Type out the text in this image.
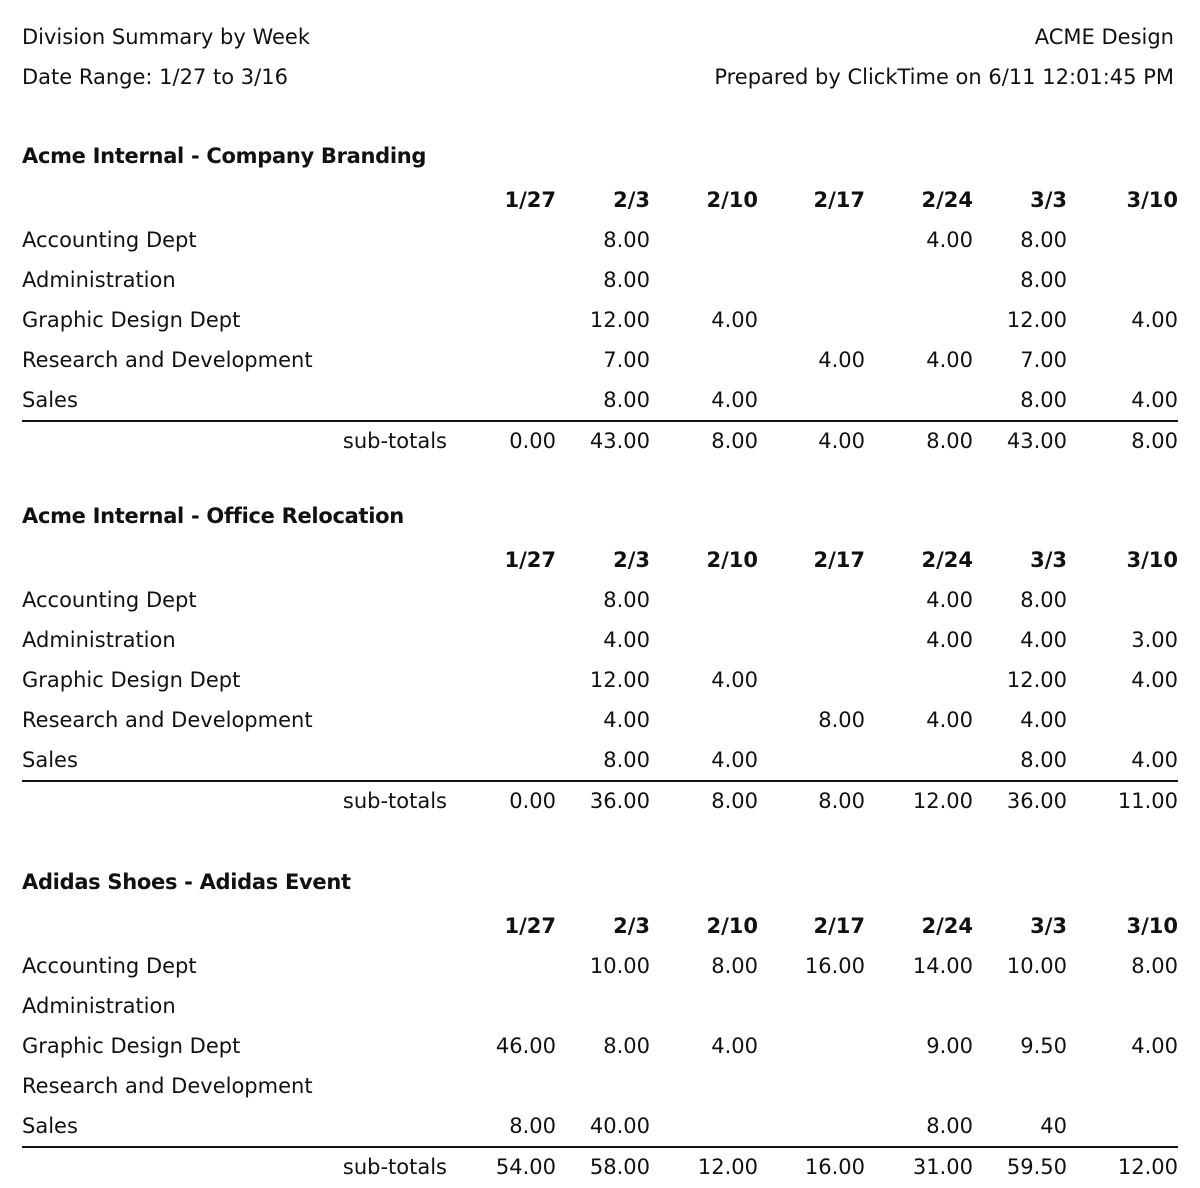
Division Summary by Week	ACME Design
Date Range: 1/27 to 3/16	Prepared by ClickTime on 6/11 12:01:45 PM
Acme Internal - Company Branding
		1/27	2/3	2/10	2/17	2/24	3/3	3/10
Accounting Dept			8.00			4.00	8.00	
Administration			8.00				8.00	
Graphic Design Dept			12.00	4.00			12.00	4.00
Research and Development			7.00		4.00	4.00	7.00	
Sales			8.00	4.00			8.00	4.00
	sub-totals	0.00	43.00	8.00	4.00	8.00	43.00	8.00
Acme Internal - Office Relocation
		1/27	2/3	2/10	2/17	2/24	3/3	3/10
Accounting Dept			8.00			4.00	8.00	
Administration			4.00			4.00	4.00	3.00
Graphic Design Dept			12.00	4.00			12.00	4.00
Research and Development			4.00		8.00	4.00	4.00	
Sales			8.00	4.00			8.00	4.00
	sub-totals	0.00	36.00	8.00	8.00	12.00	36.00	11.00
Adidas Shoes - Adidas Event
		1/27	2/3	2/10	2/17	2/24	3/3	3/10
Accounting Dept			10.00	8.00	16.00	14.00	10.00	8.00
Administration								
Graphic Design Dept		46.00	8.00	4.00		9.00	9.50	4.00
Research and Development								
Sales		8.00	40.00			8.00	40	
	sub-totals	54.00	58.00	12.00	16.00	31.00	59.50	12.00
